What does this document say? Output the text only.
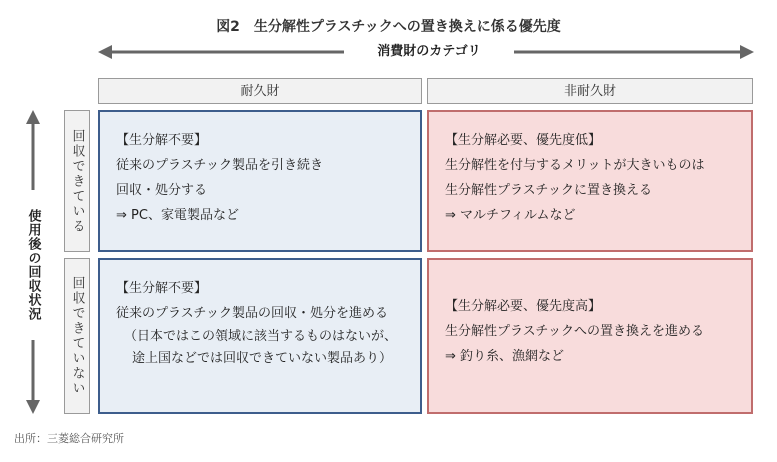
図2　生分解性プラスチックへの置き換えに係る優先度
消費財のカテゴリ
耐久財	非耐久財
使用後の回収状況
回収できている
回収できていない

【生分解不要】

従来のプラスチック製品を引き続き

回収・処分する

⇒ PC、家電製品など

【生分解必要、優先度低】

生分解性を付与するメリットが大きいものは

生分解性プラスチックに置き換える

⇒ マルチフィルムなど

【生分解不要】

従来のプラスチック製品の回収・処分を進める

（日本ではこの領域に該当するものはないが、

途上国などでは回収できていない製品あり）

【生分解必要、優先度高】

生分解性プラスチックへの置き換えを進める

⇒ 釣り糸、漁網など

出所：三菱総合研究所
